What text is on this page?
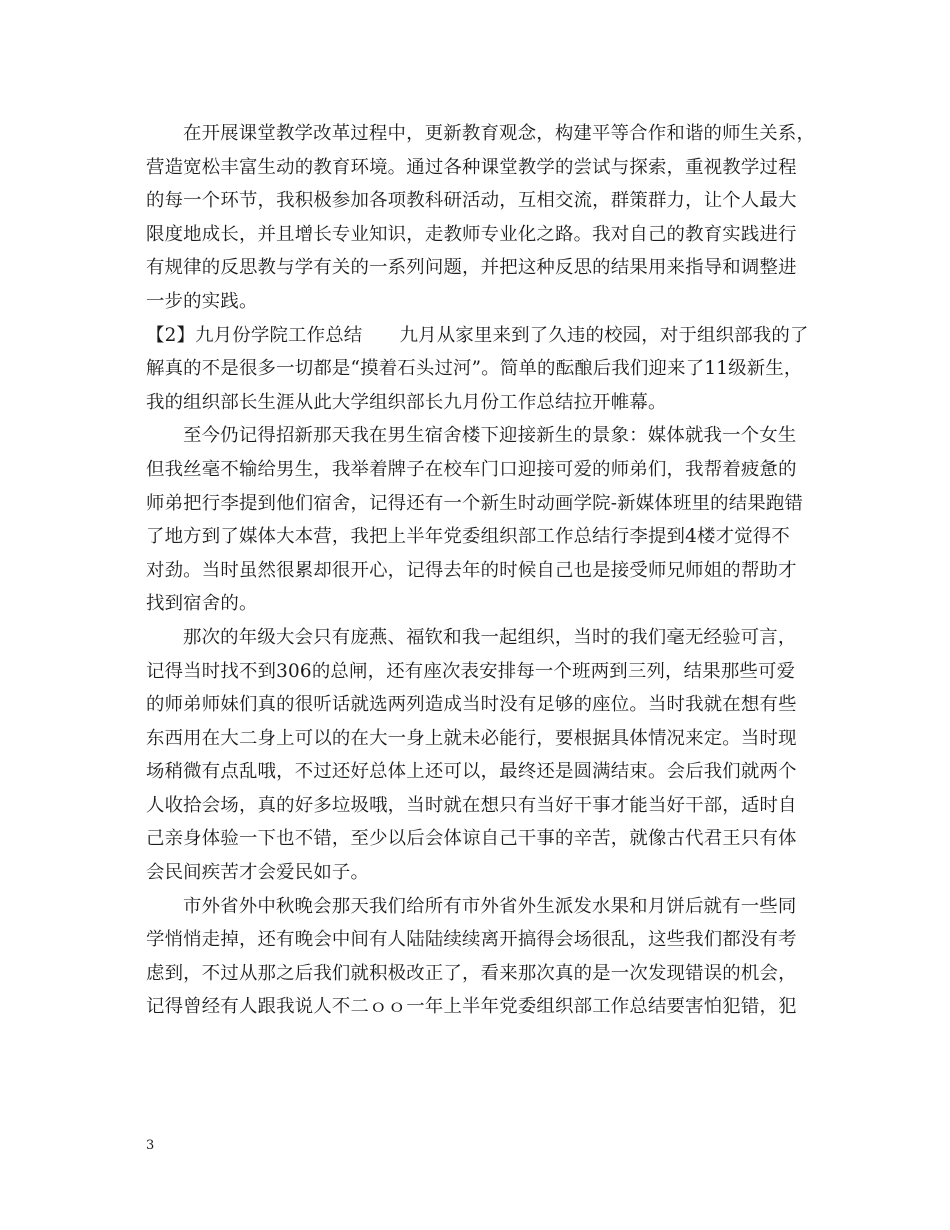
在开展课堂教学改革过程中，更新教育观念，构建平等合作和谐的师生关系，
营造宽松丰富生动的教育环境。通过各种课堂教学的尝试与探索，重视教学过程
的每一个环节，我积极参加各项教科研活动，互相交流，群策群力，让个人最大
限度地成长，并且增长专业知识，走教师专业化之路。我对自己的教育实践进行
有规律的反思教与学有关的一系列问题，并把这种反思的结果用来指导和调整进
一步的实践。
【2】九月份学院工作总结　　九月从家里来到了久违的校园，对于组织部我的了
解真的不是很多一切都是“摸着石头过河”。简单的酝酿后我们迎来了11级新生，
我的组织部长生涯从此大学组织部长九月份工作总结拉开帷幕。
至今仍记得招新那天我在男生宿舍楼下迎接新生的景象：媒体就我一个女生
但我丝毫不输给男生，我举着牌子在校车门口迎接可爱的师弟们，我帮着疲惫的
师弟把行李提到他们宿舍，记得还有一个新生时动画学院-新媒体班里的结果跑错
了地方到了媒体大本营，我把上半年党委组织部工作总结行李提到4楼才觉得不
对劲。当时虽然很累却很开心，记得去年的时候自己也是接受师兄师姐的帮助才
找到宿舍的。
那次的年级大会只有庞燕、福钦和我一起组织，当时的我们毫无经验可言，
记得当时找不到306的总闸，还有座次表安排每一个班两到三列，结果那些可爱
的师弟师妹们真的很听话就选两列造成当时没有足够的座位。当时我就在想有些
东西用在大二身上可以的在大一身上就未必能行，要根据具体情况来定。当时现
场稍微有点乱哦，不过还好总体上还可以，最终还是圆满结束。会后我们就两个
人收拾会场，真的好多垃圾哦，当时就在想只有当好干事才能当好干部，适时自
己亲身体验一下也不错，至少以后会体谅自己干事的辛苦，就像古代君王只有体
会民间疾苦才会爱民如子。
市外省外中秋晚会那天我们给所有市外省外生派发水果和月饼后就有一些同
学悄悄走掉，还有晚会中间有人陆陆续续离开搞得会场很乱，这些我们都没有考
虑到，不过从那之后我们就积极改正了，看来那次真的是一次发现错误的机会，
记得曾经有人跟我说人不二ｏｏ一年上半年党委组织部工作总结要害怕犯错，犯
3
